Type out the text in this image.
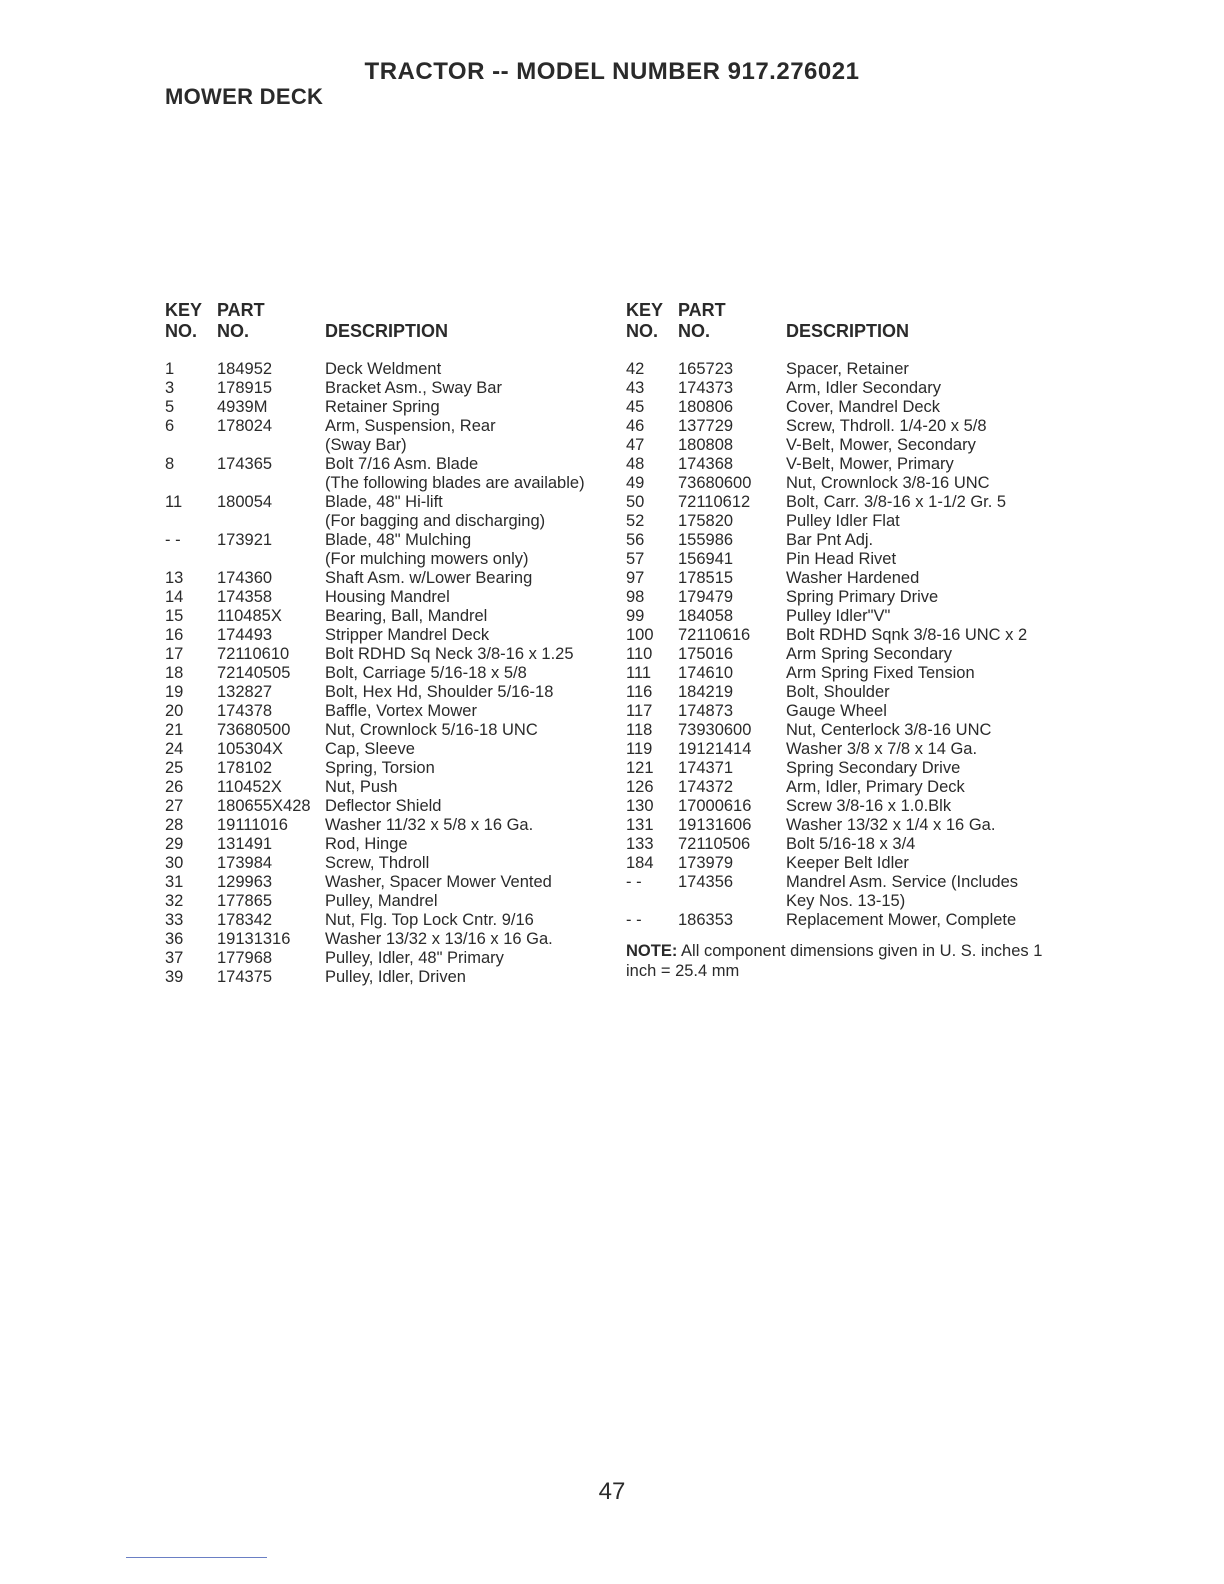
TRACTOR -- MODEL NUMBER 917.276021
MOWER DECK
KEY
NO.
PART
NO.	DESCRIPTION
1	184952	Deck Weldment
3	178915	Bracket Asm., Sway Bar
5	4939M	Retainer Spring
6	178024	Arm, Suspension, Rear
(Sway Bar)
8	174365	Bolt 7/16 Asm. Blade
(The following blades are available)
11 180054	Blade, 48" Hi-lift
(For bagging and discharging)
- - 173921	Blade, 48" Mulching
(For mulching mowers only)
13 174360	Shaft Asm. w/Lower Bearing
14 174358	Housing Mandrel
15 110485X	Bearing, Ball, Mandrel
16 174493	Stripper Mandrel Deck
17 72110610 Bolt RDHD Sq Neck 3/8-16 x 1.25
18 72140505 Bolt, Carriage 5/16-18 x 5/8
19 132827	Bolt, Hex Hd, Shoulder 5/16-18
20 174378	Baffle, Vortex Mower
21 73680500 Nut, Crownlock 5/16-18 UNC
24 105304X	Cap, Sleeve
25 178102	Spring, Torsion
26 110452X	Nut, Push
27 180655X428 Deflector Shield
28 19111016 Washer 11/32 x 5/8 x 16 Ga.
29 131491	Rod, Hinge
30 173984	Screw, Thdroll
31 129963	Washer, Spacer Mower Vented
32 177865	Pulley, Mandrel
33 178342	Nut, Flg. Top Lock Cntr. 9/16
36 19131316 Washer 13/32 x 13/16 x 16 Ga.
37 177968	Pulley, Idler, 48" Primary
39 174375	Pulley, Idler, Driven
KEY
NO.
PART
NO.	DESCRIPTION
42 165723	Spacer, Retainer
43 174373	Arm, Idler Secondary
45 180806	Cover, Mandrel Deck
46 137729	Screw, Thdroll. 1/4-20 x 5/8
47 180808	V-Belt, Mower, Secondary
48 174368	V-Belt, Mower, Primary
49 73680600 Nut, Crownlock 3/8-16 UNC
50 72110612 Bolt, Carr. 3/8-16 x 1-1/2 Gr. 5
52 175820	Pulley Idler Flat
56 155986	Bar Pnt Adj.
57 156941	Pin Head Rivet
97 178515	Washer Hardened
98 179479	Spring Primary Drive
99 184058	Pulley Idler"V"
100 72110616 Bolt RDHD Sqnk 3/8-16 UNC x 2
110 175016	Arm Spring Secondary
111 174610	Arm Spring Fixed Tension
116 184219	Bolt, Shoulder
117 174873	Gauge Wheel
118 73930600 Nut, Centerlock 3/8-16 UNC
119 19121414 Washer 3/8 x 7/8 x 14 Ga.
121 174371	Spring Secondary Drive
126 174372	Arm, Idler, Primary Deck
130 17000616 Screw 3/8-16 x 1.0.Blk
131 19131606 Washer 13/32 x 1/4 x 16 Ga.
133 72110506 Bolt 5/16-18 x 3/4
184 173979	Keeper Belt Idler
- - 174356	Mandrel Asm. Service (Includes
Key Nos. 13-15)
- - 186353	Replacement Mower, Complete
NOTE: All component dimensions given in U. S. inches 1 inch = 25.4 mm
47
